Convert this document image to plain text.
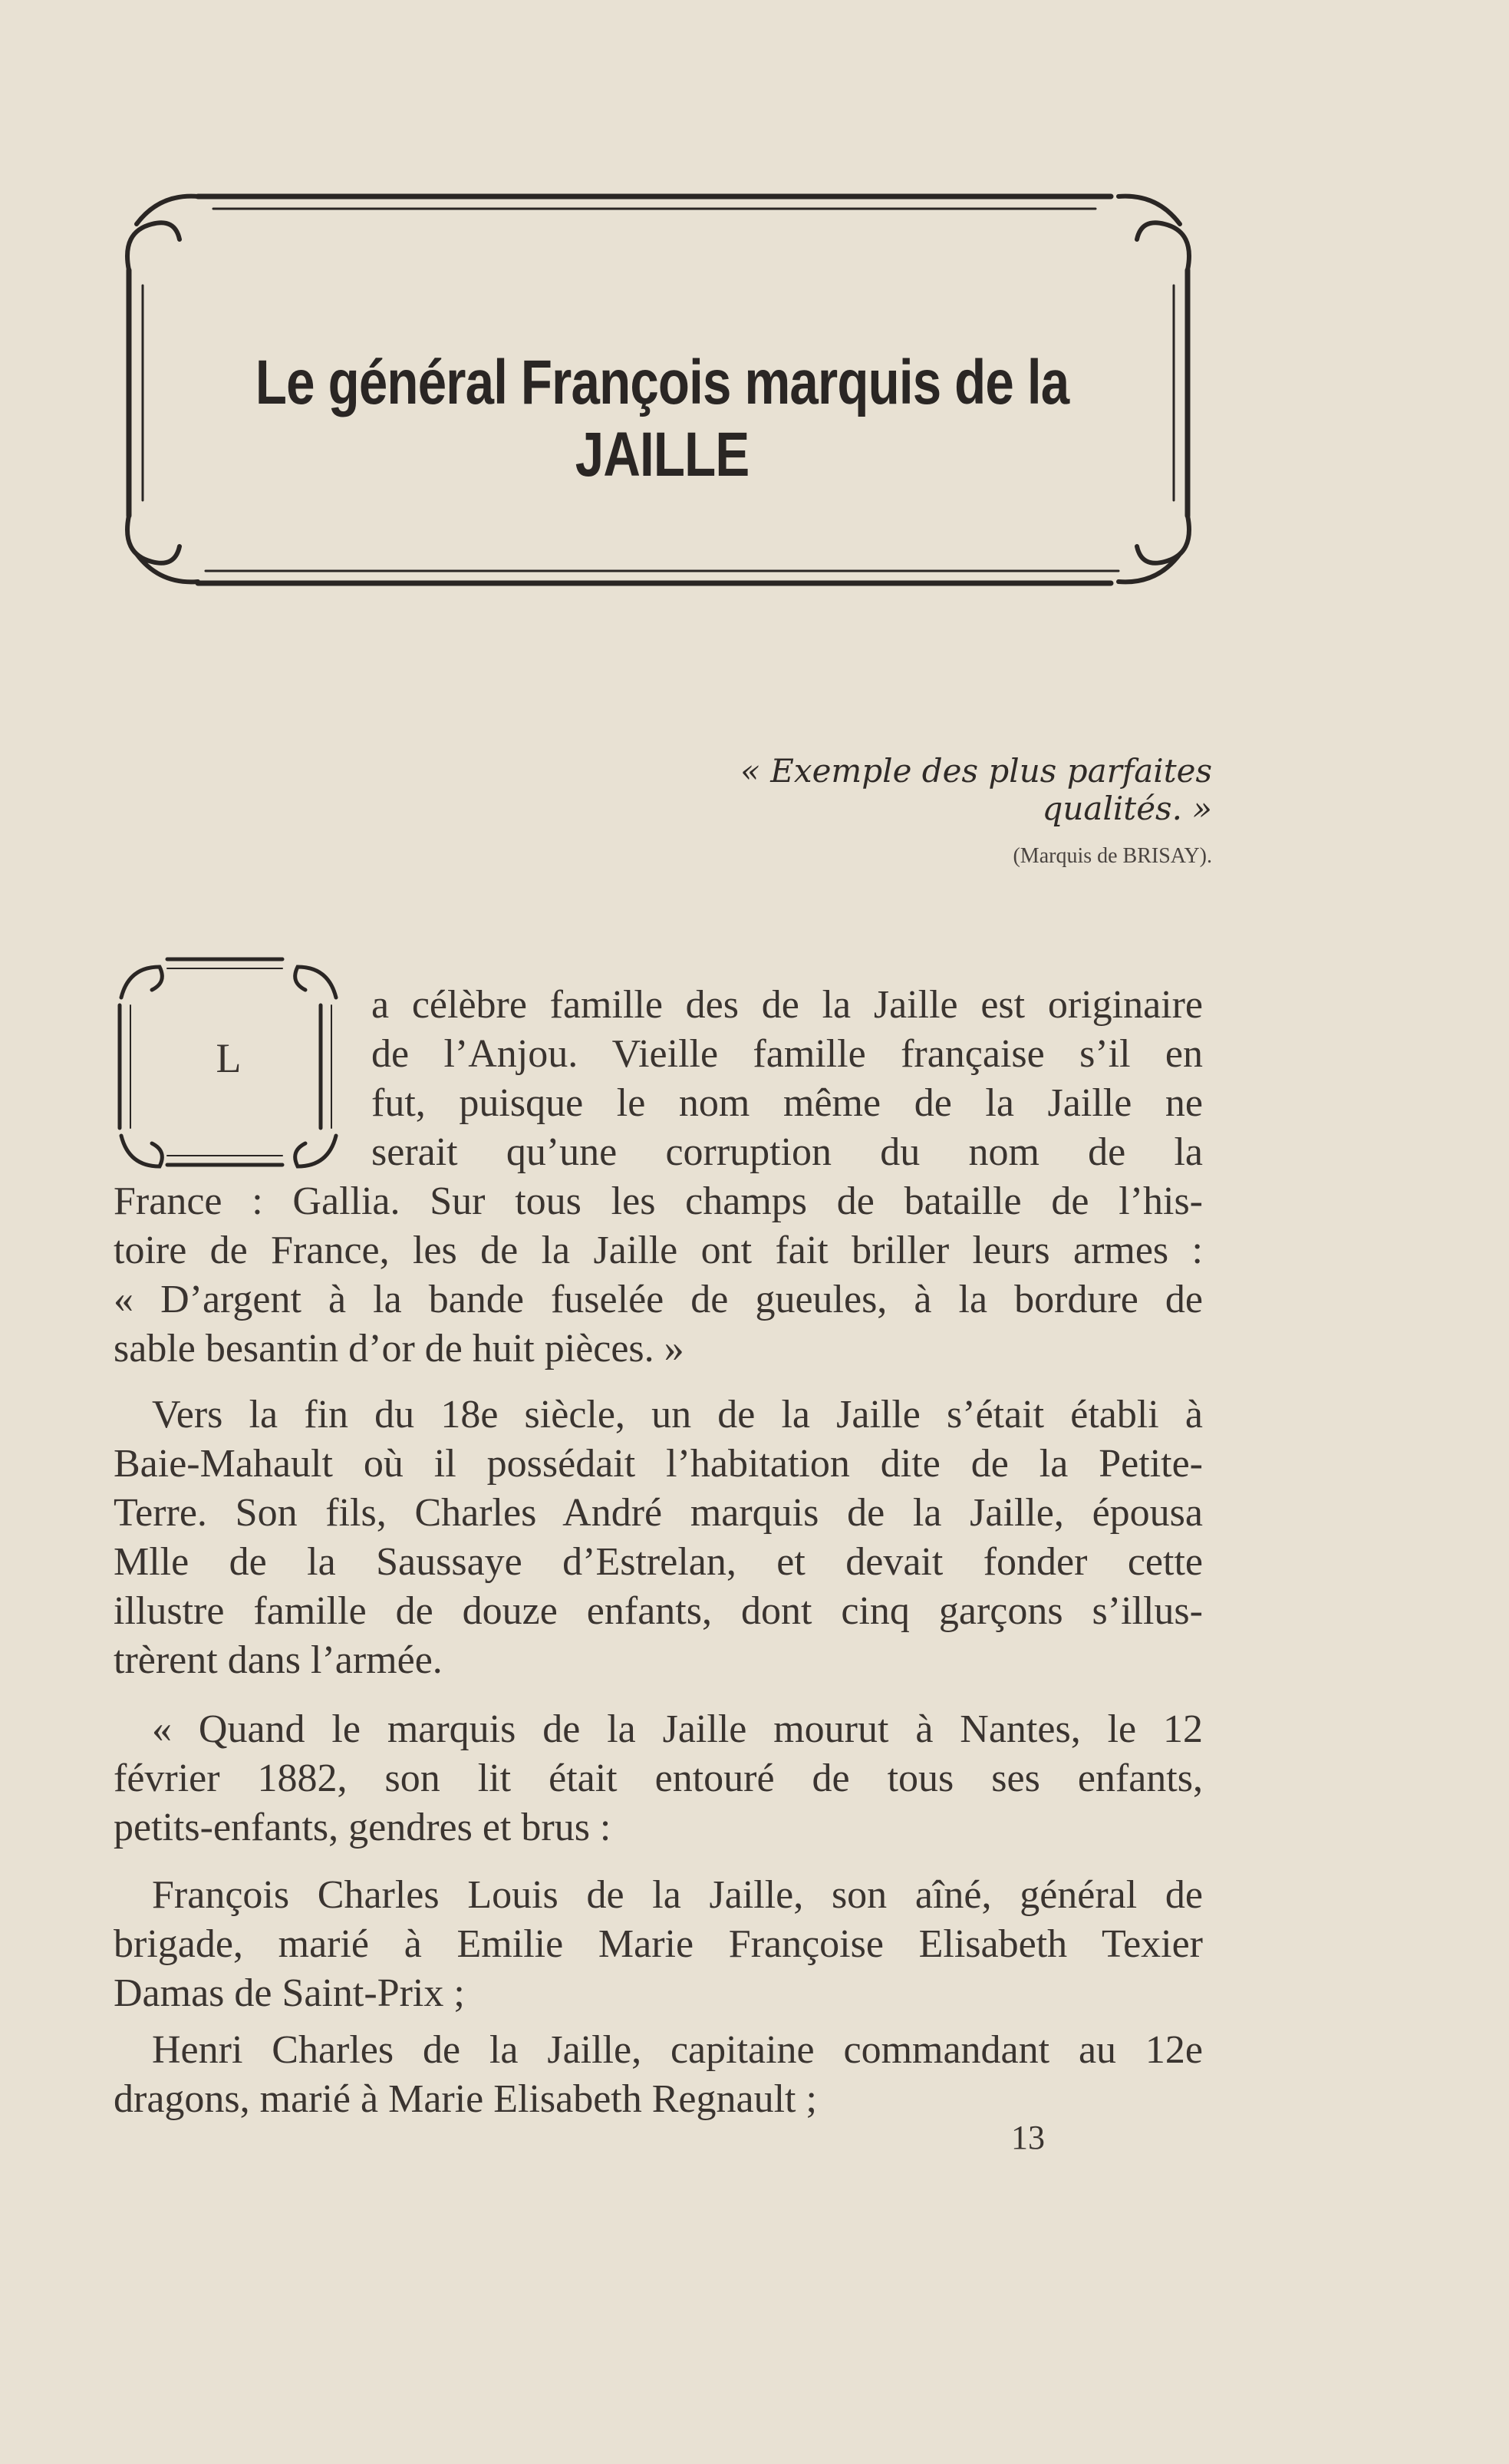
Le général François marquis de la JAILLE
« Exemple des plus parfaites qualités. »
(Marquis de BRISAY).
L
a célèbre famille des de la Jaille est originaire
de l’Anjou. Vieille famille française s’il en
fut, puisque le nom même de la Jaille ne
serait qu’une corruption du nom de la
France : Gallia. Sur tous les champs de bataille de l’his-
toire de France, les de la Jaille ont fait briller leurs armes :
« D’argent à la bande fuselée de gueules, à la bordure de
sable besantin d’or de huit pièces. »
Vers la fin du 18e siècle, un de la Jaille s’était établi à
Baie-Mahault où il possédait l’habitation dite de la Petite-
Terre. Son fils, Charles André marquis de la Jaille, épousa
Mlle de la Saussaye d’Estrelan, et devait fonder cette
illustre famille de douze enfants, dont cinq garçons s’illus-
trèrent dans l’armée.
« Quand le marquis de la Jaille mourut à Nantes, le 12
février 1882, son lit était entouré de tous ses enfants,
petits-enfants, gendres et brus :
François Charles Louis de la Jaille, son aîné, général de
brigade, marié à Emilie Marie Françoise Elisabeth Texier
Damas de Saint-Prix ;
Henri Charles de la Jaille, capitaine commandant au 12e
dragons, marié à Marie Elisabeth Regnault ;
13
